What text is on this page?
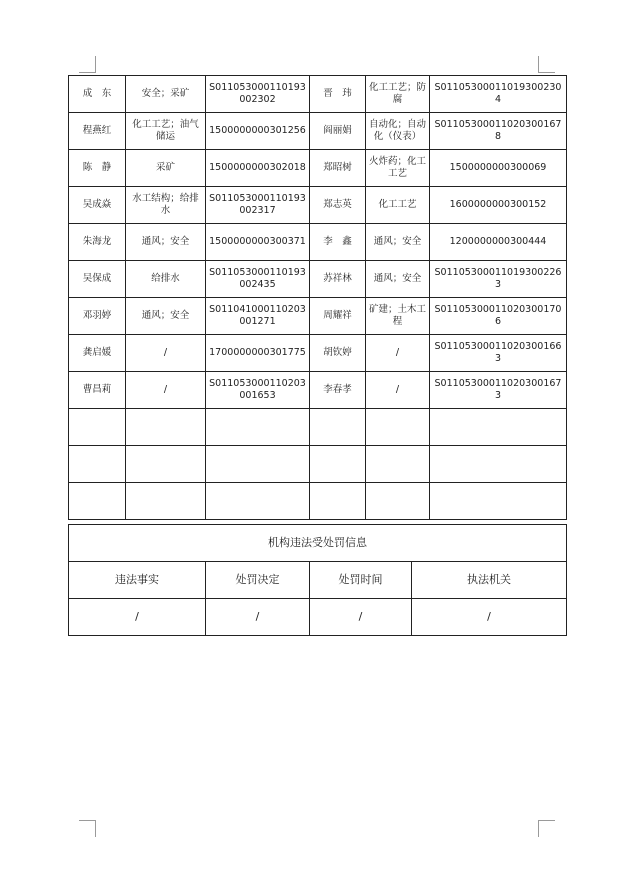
成　东	安全；采矿	S011053000110193002302	晋　玮	化工工艺；防腐	S011053000110193002304
程燕红	化工工艺；油气储运	1500000000301256	阎丽娟	自动化；自动化（仪表）	S011053000110203001678
陈　静	采矿	1500000000302018	郑昭树	火炸药；化工工艺	1500000000300069
吴成焱	水工结构；给排水	S011053000110193002317	郑志英	化工工艺	1600000000300152
朱海龙	通风；安全	1500000000300371	李　鑫	通风；安全	1200000000300444
吴保成	给排水	S011053000110193002435	苏祥林	通风；安全	S011053000110193002263
邓羽婷	通风；安全	S011041000110203001271	周耀祥	矿建；土木工程	S011053000110203001706
龚启媛	/	1700000000301775	胡钦婷	/	S011053000110203001663
曹昌莉	/	S011053000110203001653	李春孝	/	S011053000110203001673

机构违法受处罚信息			
违法事实	处罚决定	处罚时间	执法机关
/	/	/	/
